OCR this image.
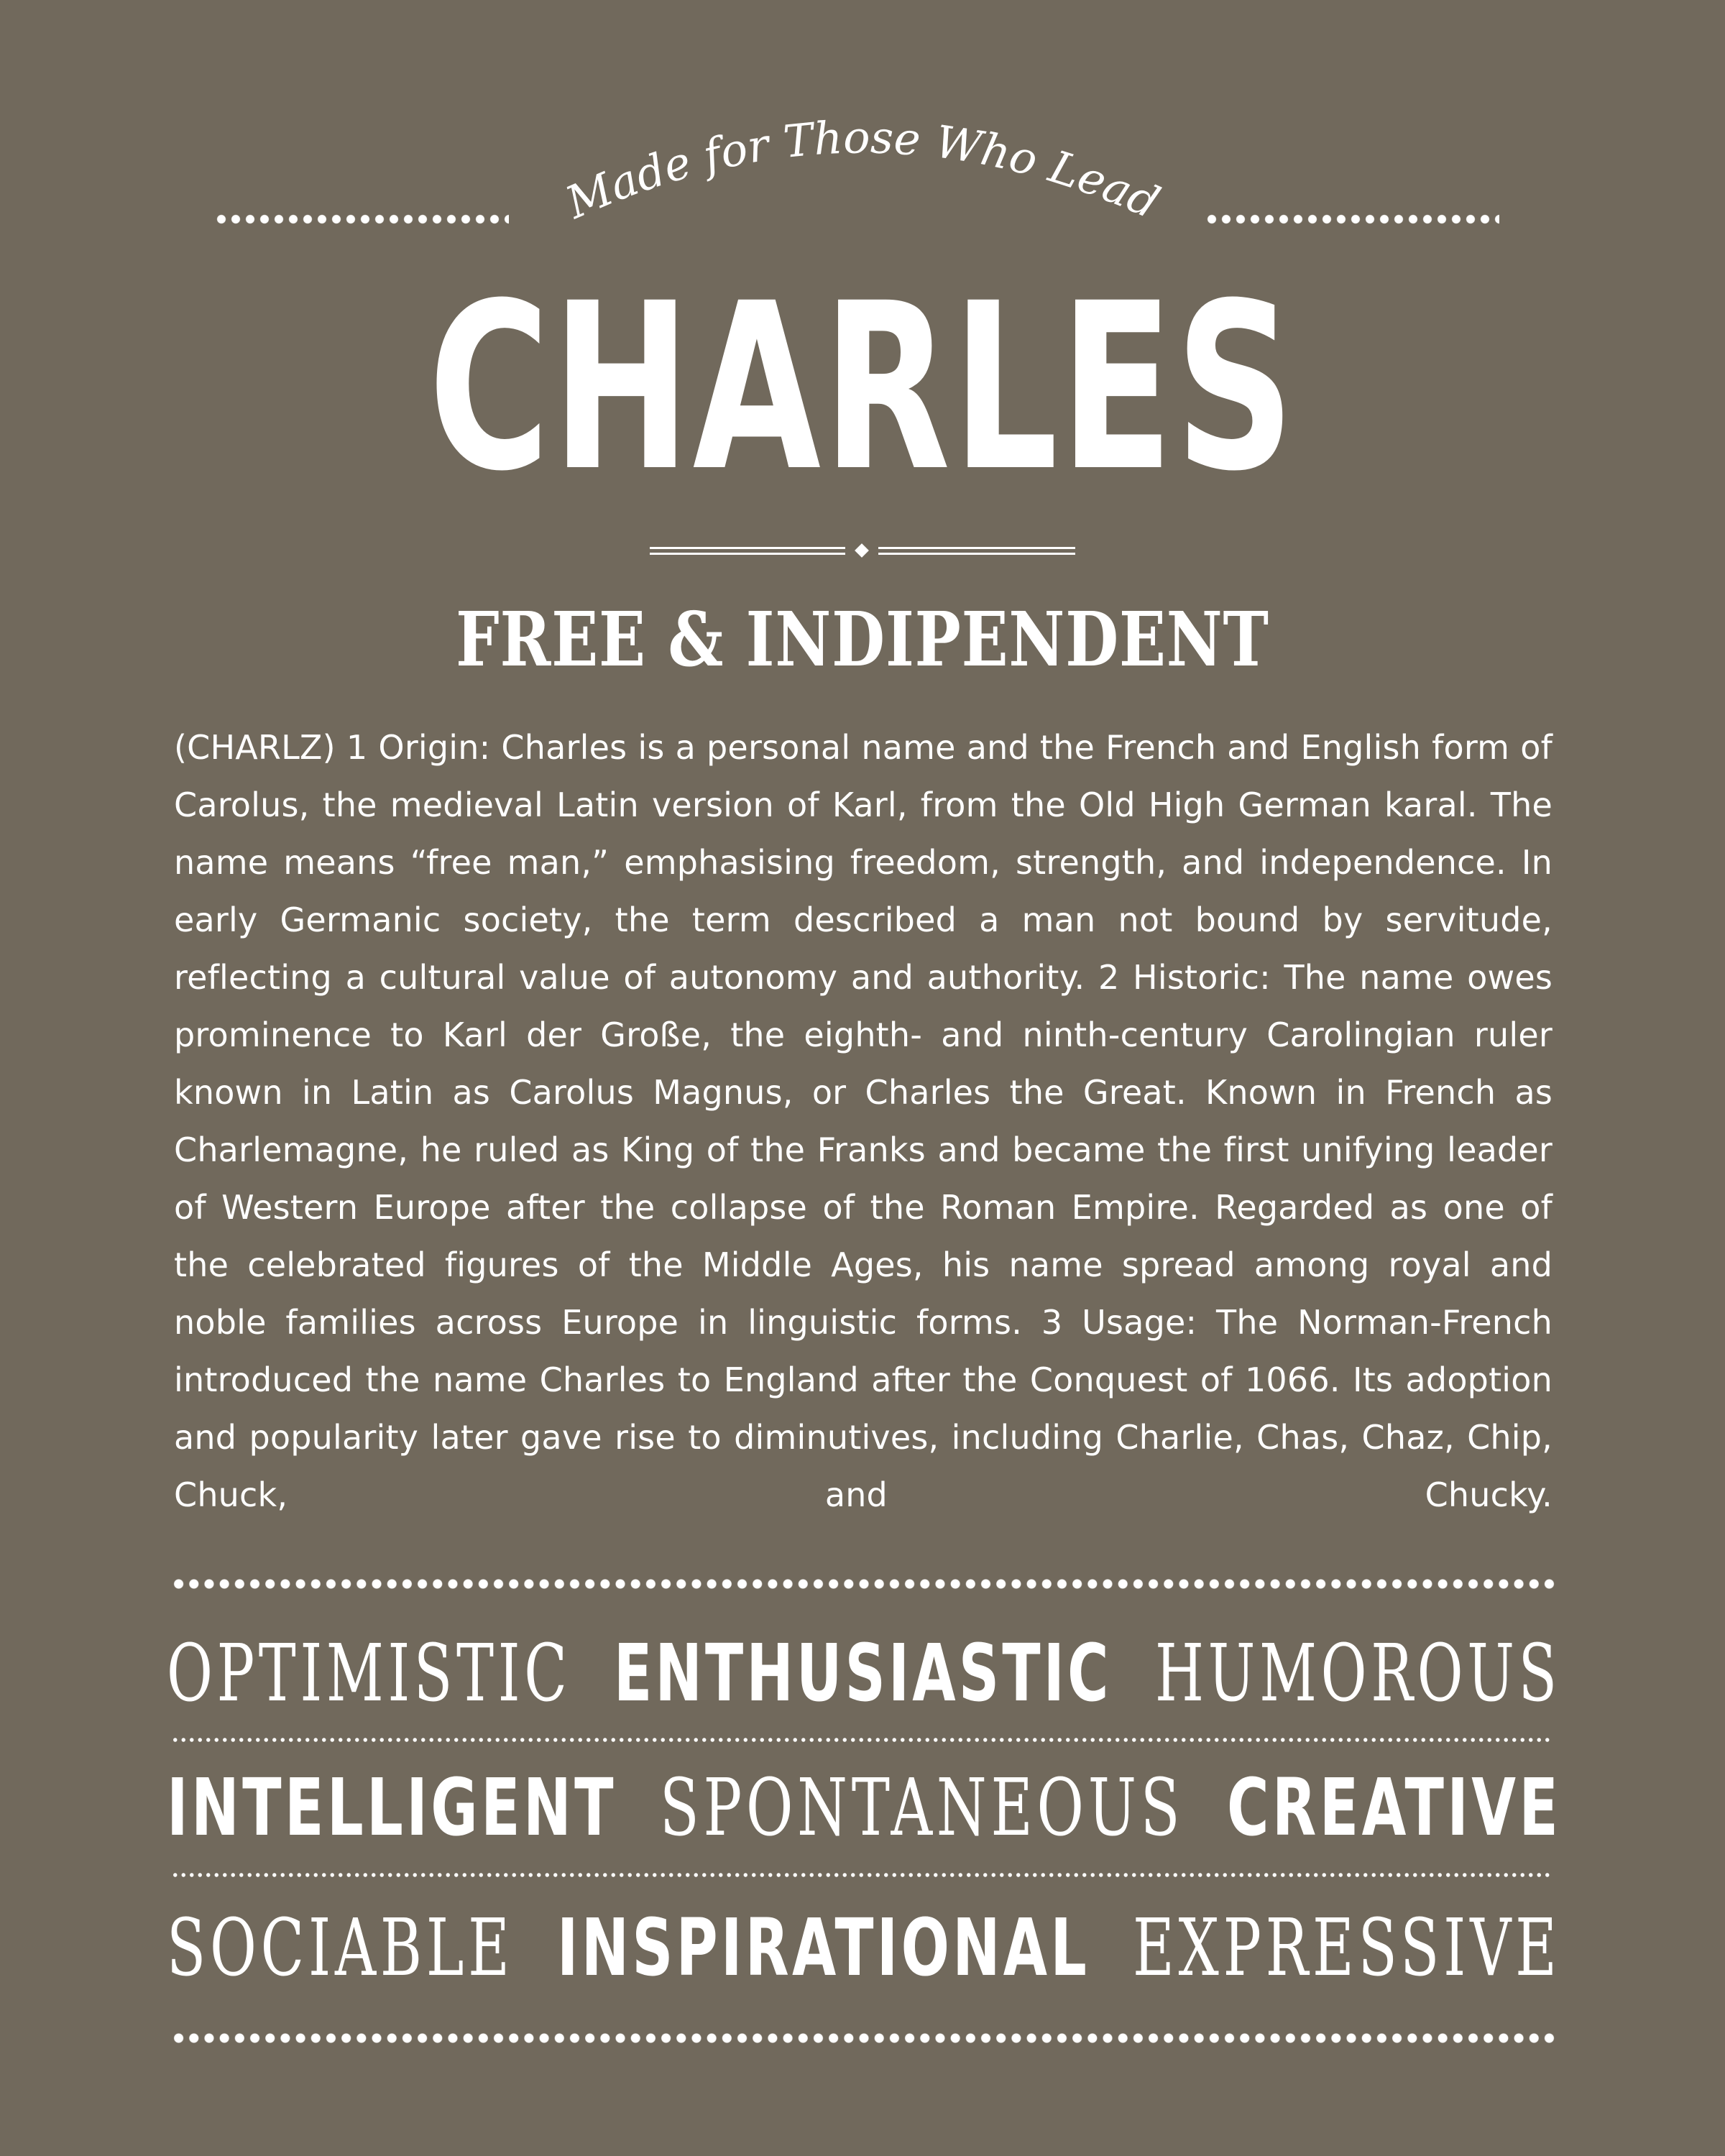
Made for Those Who Lead
CHARLES
FREE & INDIPENDENT
(CHARLZ) 1 Origin: Charles is a personal name and the French and English form of Carolus, the medieval Latin version of Karl, from the Old High German karal. The name means “free man,” emphasising freedom, strength, and independence. In early Germanic society, the term described a man not bound by servitude, reflecting a cultural value of autonomy and authority. 2 Historic: The name owes prominence to Karl der Große, the eighth- and ninth-century Carolingian ruler known in Latin as Carolus Magnus, or Charles the Great. Known in French as Charlemagne, he ruled as King of the Franks and became the first unifying leader of Western Europe after the collapse of the Roman Empire. Regarded as one of the celebrated figures of the Middle Ages, his name spread among royal and noble families across Europe in linguistic forms. 3 Usage: The Norman-French introduced the name Charles to England after the Conquest of 1066. Its adoption and popularity later gave rise to diminutives, including Charlie, Chas, Chaz, Chip, Chuck, and Chucky.
OPTIMISTIC ENTHUSIASTIC HUMOROUS
INTELLIGENT SPONTANEOUS CREATIVE
SOCIABLE INSPIRATIONAL EXPRESSIVE
